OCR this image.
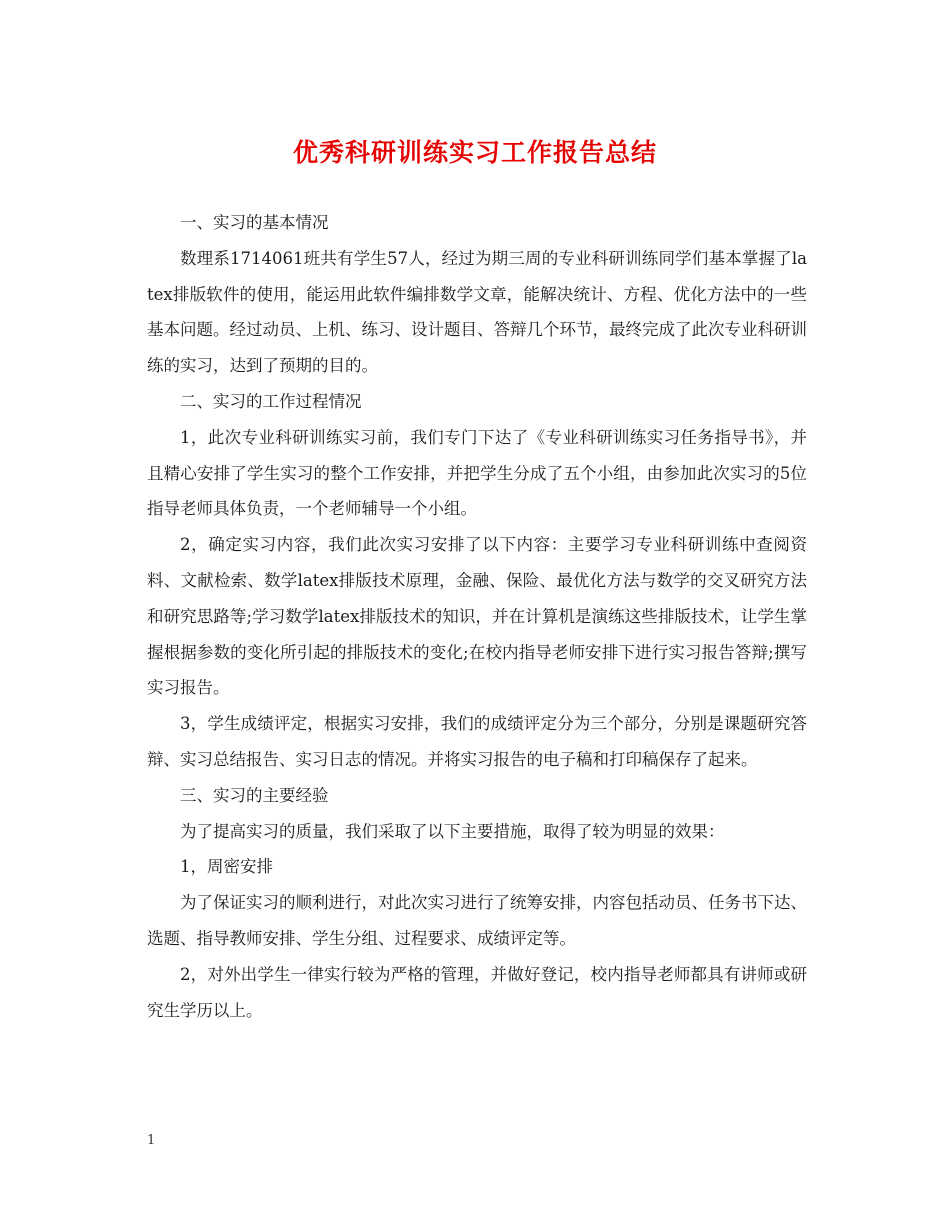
优秀科研训练实习工作报告总结

一、实习的基本情况

数理系1714061班共有学生57人，经过为期三周的专业科研训练同学们基本掌握了latex排版软件的使用，能运用此软件编排数学文章，能解决统计、方程、优化方法中的一些基本问题。经过动员、上机、练习、设计题目、答辩几个环节，最终完成了此次专业科研训练的实习，达到了预期的目的。

二、实习的工作过程情况

1，此次专业科研训练实习前，我们专门下达了《专业科研训练实习任务指导书》，并且精心安排了学生实习的整个工作安排，并把学生分成了五个小组，由参加此次实习的5位指导老师具体负责，一个老师辅导一个小组。

2，确定实习内容，我们此次实习安排了以下内容：主要学习专业科研训练中查阅资料、文献检索、数学latex排版技术原理，金融、保险、最优化方法与数学的交叉研究方法和研究思路等;学习数学latex排版技术的知识，并在计算机是演练这些排版技术，让学生掌握根据参数的变化所引起的排版技术的变化;在校内指导老师安排下进行实习报告答辩;撰写实习报告。

3，学生成绩评定，根据实习安排，我们的成绩评定分为三个部分，分别是课题研究答辩、实习总结报告、实习日志的情况。并将实习报告的电子稿和打印稿保存了起来。

三、实习的主要经验

为了提高实习的质量，我们采取了以下主要措施，取得了较为明显的效果：

1，周密安排

为了保证实习的顺利进行，对此次实习进行了统筹安排，内容包括动员、任务书下达、选题、指导教师安排、学生分组、过程要求、成绩评定等。

2，对外出学生一律实行较为严格的管理，并做好登记，校内指导老师都具有讲师或研究生学历以上。

1
